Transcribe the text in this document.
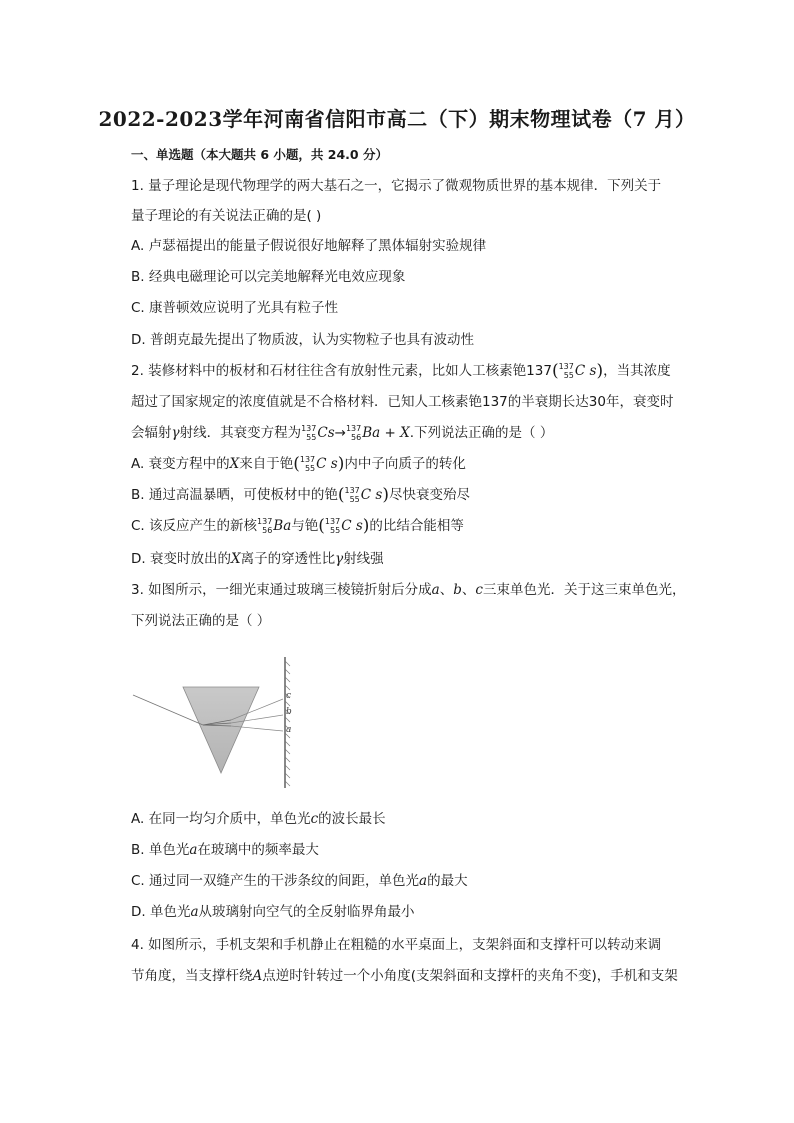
2022-2023学年河南省信阳市高二（下）期末物理试卷（7 月）
一、单选题（本大题共 6 小题，共 24.0 分）
1. 量子理论是现代物理学的两大基石之一，它揭示了微观物质世界的基本规律．下列关于
量子理论的有关说法正确的是( )
A. 卢瑟福提出的能量子假说很好地解释了黑体辐射实验规律
B. 经典电磁理论可以完美地解释光电效应现象
C. 康普顿效应说明了光具有粒子性
D. 普朗克最先提出了物质波，认为实物粒子也具有波动性
2. 装修材料中的板材和石材往往含有放射性元素，比如人工核素铯137( 137
55 C s)，当其浓度
超过了国家规定的浓度值就是不合格材料．已知人工核素铯137的半衰期长达30年，衰变时
会辐射γ射线．其衰变方程为 137
55 Cs→ 137
56 Ba + X.下列说法正确的是（ ）
A. 衰变方程中的X来自于铯( 137
55 C s)内中子向质子的转化
B. 通过高温暴晒，可使板材中的铯( 137
55 C s)尽快衰变殆尽
C. 该反应产生的新核 137
56 Ba与铯( 137
55 C s)的比结合能相等
D. 衰变时放出的X离子的穿透性比γ射线强
3. 如图所示，一细光束通过玻璃三棱镜折射后分成a、b、c三束单色光．关于这三束单色光，
下列说法正确的是（ ）
c
b
a
A. 在同一均匀介质中，单色光c的波长最长
B. 单色光a在玻璃中的频率最大
C. 通过同一双缝产生的干涉条纹的间距，单色光a的最大
D. 单色光a从玻璃射向空气的全反射临界角最小
4. 如图所示，手机支架和手机静止在粗糙的水平桌面上，支架斜面和支撑杆可以转动来调
节角度，当支撑杆绕A点逆时针转过一个小角度(支架斜面和支撑杆的夹角不变)，手机和支架
